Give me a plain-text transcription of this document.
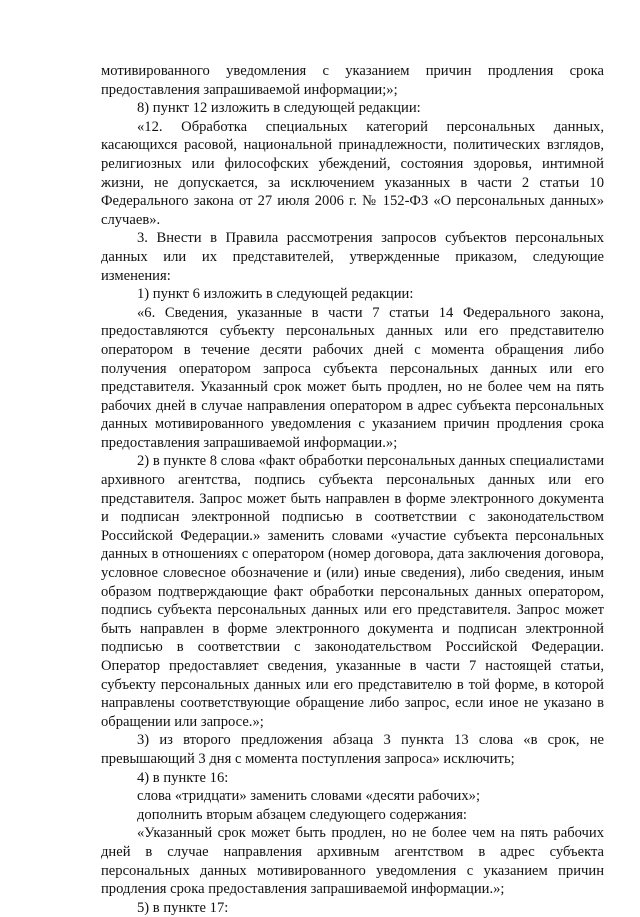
мотивированного уведомления с указанием причин продления срока предоставления запрашиваемой информации;»;

8) пункт 12 изложить в следующей редакции:

«12. Обработка специальных категорий персональных данных, касающихся расовой, национальной принадлежности, политических взглядов, религиозных или философских убеждений, состояния здоровья, интимной жизни, не допускается, за исключением указанных в части 2 статьи 10 Федерального закона от 27 июля 2006 г. № 152-ФЗ «О персональных данных» случаев».

3. Внести в Правила рассмотрения запросов субъектов персональных данных или их представителей, утвержденные приказом, следующие изменения:

1) пункт 6 изложить в следующей редакции:

«6. Сведения, указанные в части 7 статьи 14 Федерального закона, предоставляются субъекту персональных данных или его представителю оператором в течение десяти рабочих дней с момента обращения либо получения оператором запроса субъекта персональных данных или его представителя. Указанный срок может быть продлен, но не более чем на пять рабочих дней в случае направления оператором в адрес субъекта персональных данных мотивированного уведомления с указанием причин продления срока предоставления запрашиваемой информации.»;

2) в пункте 8 слова «факт обработки персональных данных специалистами архивного агентства, подпись субъекта персональных данных или его представителя. Запрос может быть направлен в форме электронного документа и подписан электронной подписью в соответствии с законодательством Российской Федерации.» заменить словами «участие субъекта персональных данных в отношениях с оператором (номер договора, дата заключения договора, условное словесное обозначение и (или) иные сведения), либо сведения, иным образом подтверждающие факт обработки персональных данных оператором, подпись субъекта персональных данных или его представителя. Запрос может быть направлен в форме электронного документа и подписан электронной подписью в соответствии с законодательством Российской Федерации. Оператор предоставляет сведения, указанные в части 7 настоящей статьи, субъекту персональных данных или его представителю в той форме, в которой направлены соответствующие обращение либо запрос, если иное не указано в обращении или запросе.»;

3) из второго предложения абзаца 3 пункта 13 слова «в срок, не превышающий 3 дня с момента поступления запроса» исключить;

4) в пункте 16:

слова «тридцати» заменить словами «десяти рабочих»;

дополнить вторым абзацем следующего содержания:

«Указанный срок может быть продлен, но не более чем на пять рабочих дней в случае направления архивным агентством в адрес субъекта персональных данных мотивированного уведомления с указанием причин продления срока предоставления запрашиваемой информации.»;

5) в пункте 17:
